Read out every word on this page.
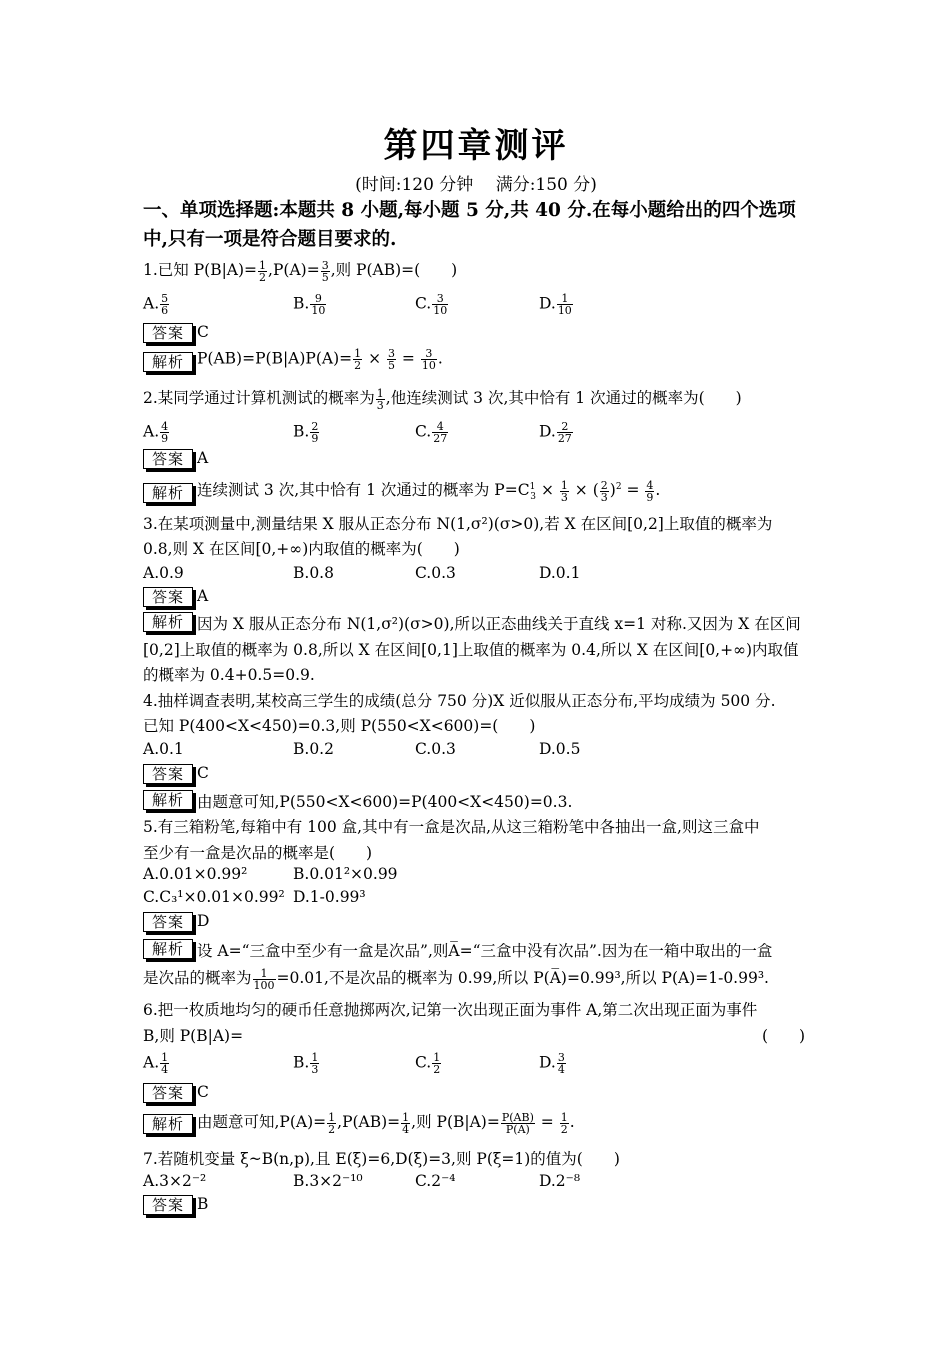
第四章测评
(时间:120 分钟　 满分:150 分)
一、单项选择题:本题共 8 小题,每小题 5 分,共 40 分.在每小题给出的四个选项中,只有一项是符合题目要求的.
1.已知 $P(B|A)= \frac{1}{2} ,P(A)= \frac{3}{5}$ ,则 P(AB)=(　　)
A. $\frac{5}{6}$	B. $\frac{9}{10}$	C. $\frac{3}{10}$	D. $\frac{1}{10}$
答案 C
解析 $P(AB)=P(B|A)P(A)= \frac{1}{2} \times \frac{3}{5} = \frac{3}{10}$ .
2.某同学通过计算机测试的概率为 $\frac{1}{3}$ ,他连续测试 3 次,其中恰有 1 次通过的概率为(　　)
A. $\frac{4}{9}$	B. $\frac{2}{9}$	C. $\frac{4}{27}$	D. $\frac{2}{27}$
答案 A
解析 连续测试 3 次,其中恰有 1 次通过的概率为 $P=C^1_3 \times \frac{1}{3}$ × ( $\frac{2}{3} )^2 = \frac{4}{9}$ .
3.在某项测量中,测量结果 X 服从正态分布 N(1,σ²)(σ>0),若 X 在区间[0,2]上取值的概率为
0.8,则 X 在区间[0,+∞)内取值的概率为(　　)
A.0.9	B.0.8	C.0.3	D.0.1
答案 A
解析 因为 X 服从正态分布 N(1,σ²)(σ>0),所以正态曲线关于直线 x=1 对称.又因为 X 在区间
[0,2]上取值的概率为 0.8,所以 X 在区间[0,1]上取值的概率为 0.4,所以 X 在区间[0,+∞)内取值
的概率为 0.4+0.5=0.9.
4.抽样调查表明,某校高三学生的成绩(总分 750 分)X 近似服从正态分布,平均成绩为 500 分.
已知 P(400<X<450)=0.3,则 P(550<X<600)=(　　)
A.0.1	B.0.2	C.0.3	D.0.5
答案 C
解析 由题意可知,P(550<X<600)=P(400<X<450)=0.3.
5.有三箱粉笔,每箱中有 100 盒,其中有一盒是次品,从这三箱粉笔中各抽出一盒,则这三盒中
至少有一盒是次品的概率是(　　)
A.0.01×0.99²	B.0.01²×0.99
C.C₃¹×0.01×0.99² D.1-0.99³
答案 D
解析 设 A=“三盒中至少有一盒是次品”,则A̅=“三盒中没有次品”.因为在一箱中取出的一盒
是次品的概率为 $\frac{1}{100} =0.01$,不是次品的概率为 0.99,所以 P(A̅)=0.99³,所以 P(A)=1-0.99³.
6.把一枚质地均匀的硬币任意抛掷两次,记第一次出现正面为事件 A,第二次出现正面为事件
B,则 P(B|A)=	(　　)
A. $\frac{1}{4}$	B. $\frac{1}{3}$	C. $\frac{1}{2}$	D. $\frac{3}{4}$
答案 C
解析 由题意可知$,P(A)= \frac{1}{2} ,P(AB)= \frac{1}{4}$ ,则 $P(B|A)= \frac{P(AB)}{P(A)} = \frac{1}{2}$ .
7.若随机变量 ξ~B(n,p),且 E(ξ)=6,D(ξ)=3,则 P(ξ=1)的值为(　　)
A.3×2⁻²	B.3×2⁻¹⁰	C.2⁻⁴	D.2⁻⁸
答案 B
